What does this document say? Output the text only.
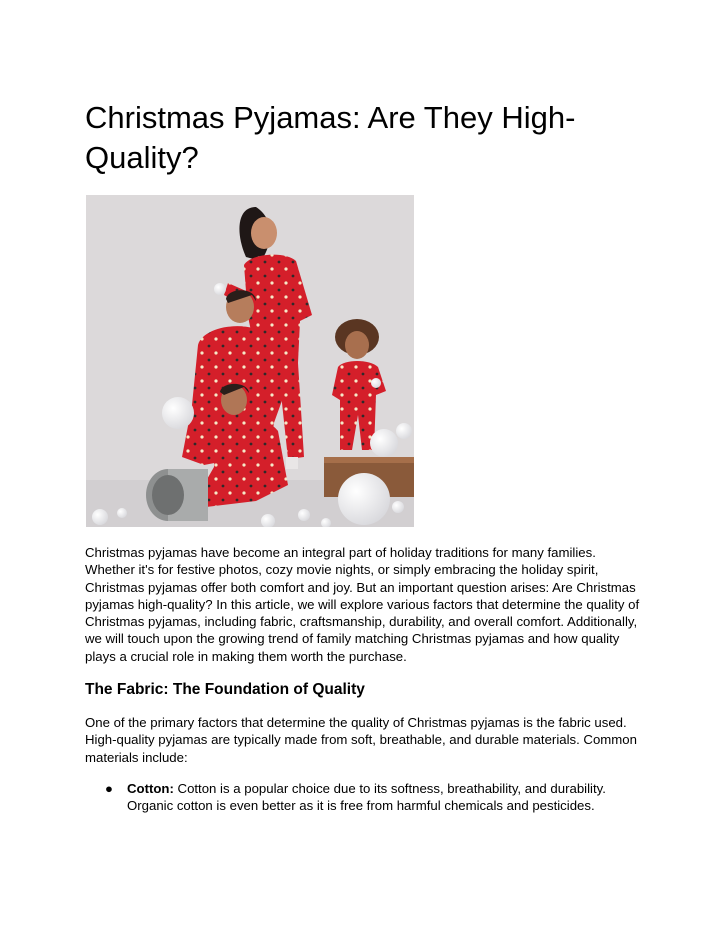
Christmas Pyjamas: Are They High-Quality?

Christmas pyjamas have become an integral part of holiday traditions for many families. Whether it's for festive photos, cozy movie nights, or simply embracing the holiday spirit, Christmas pyjamas offer both comfort and joy. But an important question arises: Are Christmas pyjamas high-quality? In this article, we will explore various factors that determine the quality of Christmas pyjamas, including fabric, craftsmanship, durability, and overall comfort. Additionally, we will touch upon the growing trend of family matching Christmas pyjamas and how quality plays a crucial role in making them worth the purchase.

The Fabric: The Foundation of Quality

One of the primary factors that determine the quality of Christmas pyjamas is the fabric used. High-quality pyjamas are typically made from soft, breathable, and durable materials. Common materials include:

● Cotton: Cotton is a popular choice due to its softness, breathability, and durability. Organic cotton is even better as it is free from harmful chemicals and pesticides.
